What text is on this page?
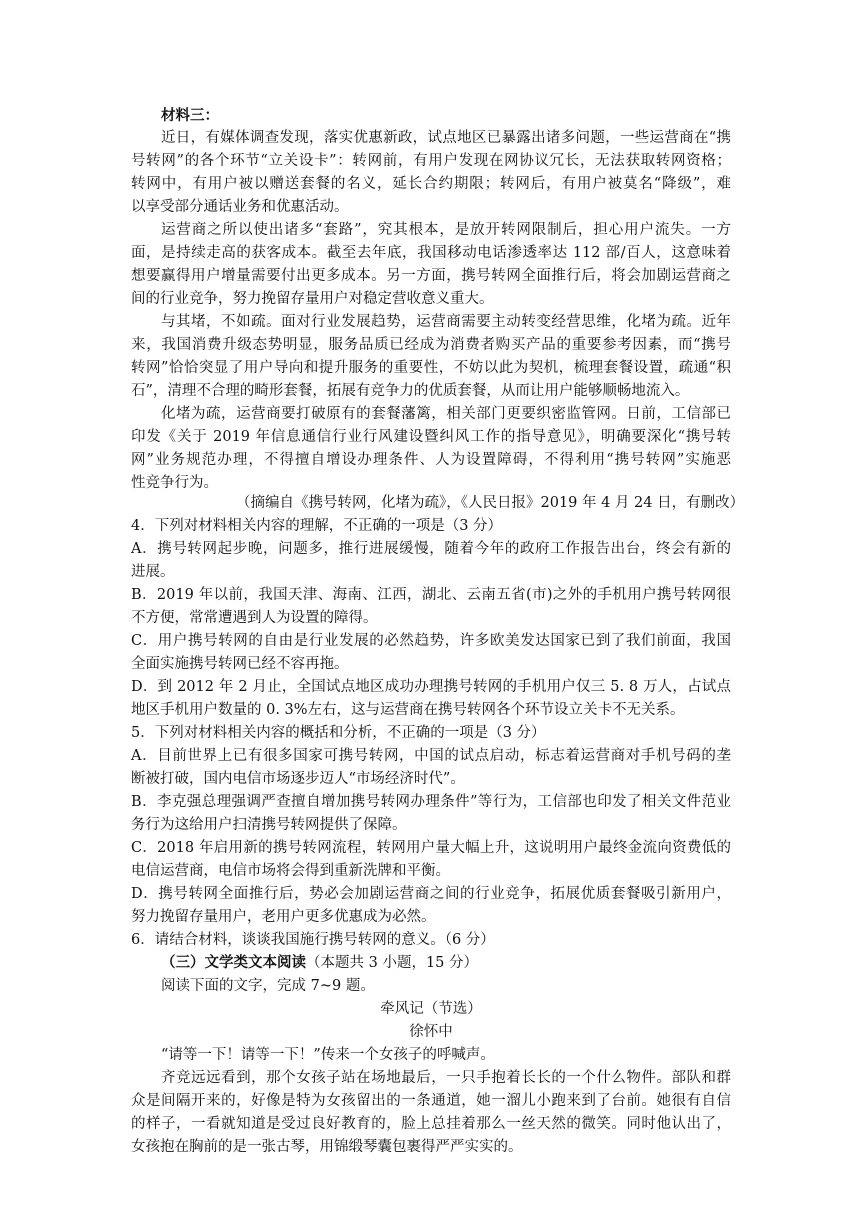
材料三：
近日，有媒体调查发现，落实优惠新政，试点地区已暴露出诸多问题，一些运营商在“携
号转网”的各个环节“立关设卡”：转网前，有用户发现在网协议冗长，无法获取转网资格；
转网中，有用户被以赠送套餐的名义，延长合约期限；转网后，有用户被莫名“降级”，难
以享受部分通话业务和优惠活动。
运营商之所以使出诸多“套路”，究其根本，是放开转网限制后，担心用户流失。一方
面，是持续走高的获客成本。截至去年底，我国移动电话渗透率达 112 部/百人，这意味着
想要赢得用户增量需要付出更多成本。另一方面，携号转网全面推行后，将会加剧运营商之
间的行业竞争，努力挽留存量用户对稳定营收意义重大。
与其堵，不如疏。面对行业发展趋势，运营商需要主动转变经营思维，化堵为疏。近年
来，我国消费升级态势明显，服务品质已经成为消费者购买产品的重要参考因素，而“携号
转网”恰恰突显了用户导向和提升服务的重要性，不妨以此为契机，梳理套餐设置，疏通“积
石”，清理不合理的畸形套餐，拓展有竞争力的优质套餐，从而让用户能够顺畅地流入。
化堵为疏，运营商要打破原有的套餐藩篱，相关部门更要织密监管网。日前，工信部已
印发《关于 2019 年信息通信行业行风建设暨纠风工作的指导意见》，明确要深化“携号转
网”业务规范办理，不得擅自增设办理条件、人为设置障碍，不得利用“携号转网”实施恶
性竞争行为。
（摘编自《携号转网，化堵为疏》，《人民日报》2019 年 4 月 24 日，有删改）
4．下列对材料相关内容的理解，不正确的一项是（3 分）
A．携号转网起步晚，问题多，推行进展缓慢，随着今年的政府工作报告出台，终会有新的
进展。
B．2019 年以前，我国天津、海南、江西，湖北、云南五省(市)之外的手机用户携号转网很
不方便，常常遭遇到人为设置的障得。
C．用户携号转网的自由是行业发展的必然趋势，许多欧美发达国家已到了我们前面，我国
全面实施携号转网已经不容再拖。
D．到 2012 年 2 月止，全国试点地区成功办理携号转网的手机用户仅三 5. 8 万人，占试点
地区手机用户数量的 0. 3%左右，这与运营商在携号转网各个环节设立关卡不无关系。
5．下列对材料相关内容的概括和分析，不正确的一项是（3 分）
A．目前世界上已有很多国家可携号转网，中国的试点启动，标志着运营商对手机号码的垄
断被打破，国内电信市场逐步迈人“市场经济时代”。
B．李克强总理强调严查擅自增加携号转网办理条件”等行为，工信部也印发了相关文件范业
务行为这给用户扫清携号转网提供了保障。
C．2018 年启用新的携号转网流程，转网用户量大幅上升，这说明用户最终金流向资费低的
电信运营商，电信市场将会得到重新洗牌和平衡。
D．携号转网全面推行后，势必会加剧运营商之间的行业竞争，拓展优质套餐吸引新用户，
努力挽留存量用户，老用户更多优惠成为必然。
6．请结合材料，谈谈我国施行携号转网的意义。（6 分）
（三）文学类文本阅读（本题共 3 小题，15 分）
阅读下面的文字，完成 7~9 题。
牵风记（节选）
徐怀中
“请等一下！请等一下！”传来一个女孩子的呼喊声。
齐竞远远看到，那个女孩子站在场地最后，一只手抱着长长的一个什么物件。部队和群
众是间隔开来的，好像是特为女孩留出的一条通道，她一溜儿小跑来到了台前。她很有自信
的样子，一看就知道是受过良好教育的，脸上总挂着那么一丝天然的微笑。同时他认出了，
女孩抱在胸前的是一张古琴，用锦缎琴囊包裹得严严实实的。
